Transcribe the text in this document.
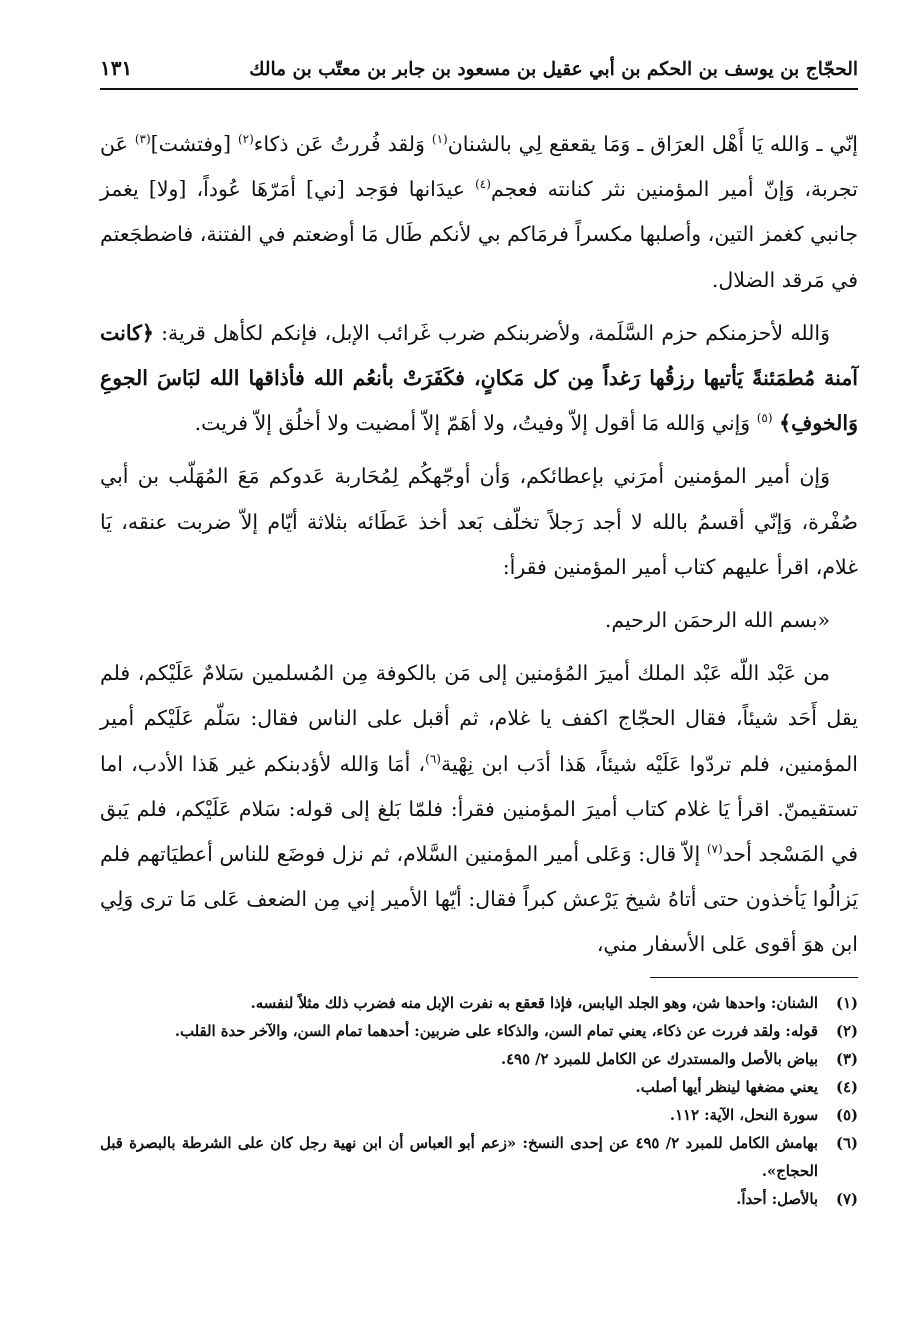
الحجّاج بن يوسف بن الحكم بن أبي عقيل بن مسعود بن جابر بن معتّب بن مالك
١٣١

إنّي ـ وَالله يَا أَهْل العرَاق ـ وَمَا يقعقع لِي بالشنان$^{(١)}$ وَلقد فُررتُ عَن ذكاء$^{(٢)}$ [وفتشت]$^{(٣)}$ عَن تجربة، وَإنّ أمير المؤمنين نثر كنانته فعجم$^{(٤)}$ عيدَانها فوَجد [ني] أمَرّهَا عُوداً، [ولا] يغمز جانبي كغمز التين، وأصلبها مكسراً فرمَاكم بي لأنكم طَال مَا أوضعتم في الفتنة، فاضطجَعتم في مَرقد الضلال.

وَالله لأحزمنكم حزم السَّلَمة، ولأضربنكم ضرب غَرائب الإبل، فإنكم لكأهل قرية: ﴿كانت آمنة مُطمَئنةً يَأتيها رزقُها رَغداً مِن كل مَكانٍ، فكَفَرَتْ بأنعُم الله فأذاقها الله لبَاسَ الجوعِ وَالخوفِ﴾ $^{(٥)}$ وَإني وَالله مَا أقول إلاّ وفيتُ، ولا أهَمّ إلاّ أمضيت ولا أخلُق إلاّ فريت.

وَإن أمير المؤمنين أمرَني بإعطائكم، وَأن أوجّهكُم لِمُحَاربة عَدوكم مَعَ المُهَلّب بن أبي صُفْرة، وَإنّي أقسمُ بالله لا أجد رَجلاً تخلّف بَعد أخذ عَطَائه بثلاثة أيّام إلاّ ضربت عنقه، يَا غلام، اقرأ عليهم كتاب أمير المؤمنين فقرأ:

«بسم الله الرحمَن الرحيم.

من عَبْد اللّه عَبْد الملك أميرَ المُؤمنين إلى مَن بالكوفة مِن المُسلمين سَلامٌ عَلَيْكم، فلم يقل أَحَد شيئاً، فقال الحجّاج اكفف يا غلام، ثم أقبل على الناس فقال: سَلّم عَلَيْكم أمير المؤمنين، فلم تردّوا عَلَيْه شيئاً، هَذا أدَب ابن نِهْية$^{(٦)}$، أمَا وَالله لأؤدبنكم غير هَذا الأدب، اما تستقيمنّ. اقرأ يَا غلام كتاب أميرَ المؤمنين فقرأ: فلمّا بَلغ إلى قوله: سَلام عَلَيْكم، فلم يَبق في المَسْجد أحد$^{(٧)}$ إلاّ قال: وَعَلى أمير المؤمنين السَّلام، ثم نزل فوضَع للناس أعطيَاتهم فلم يَزالُوا يَأخذون حتى أتاهُ شيخ يَرْعش كبراً فقال: أيّها الأمير إني مِن الضعف عَلى مَا ترى وَلِي ابن هوَ أقوى عَلى الأسفار مني،

(١)
الشنان: واحدها شن، وهو الجلد اليابس، فإذا قعقع به نفرت الإبل منه فضرب ذلك مثلاً لنفسه.
(٢)
قوله: ولقد فررت عن ذكاء، يعني تمام السن، والذكاء على ضربين: أحدهما تمام السن، والآخر حدة القلب.
(٣)
بياض بالأصل والمستدرك عن الكامل للمبرد ٢/ ٤٩٥.
(٤)
يعني مضغها لينظر أيها أصلب.
(٥)
سورة النحل، الآية: ١١٢.
(٦)
بهامش الكامل للمبرد ٢/ ٤٩٥ عن إحدى النسخ: «زعم أبو العباس أن ابن نهية رجل كان على الشرطة بالبصرة قبل الحجاج».
(٧)
بالأصل: أحداً.
